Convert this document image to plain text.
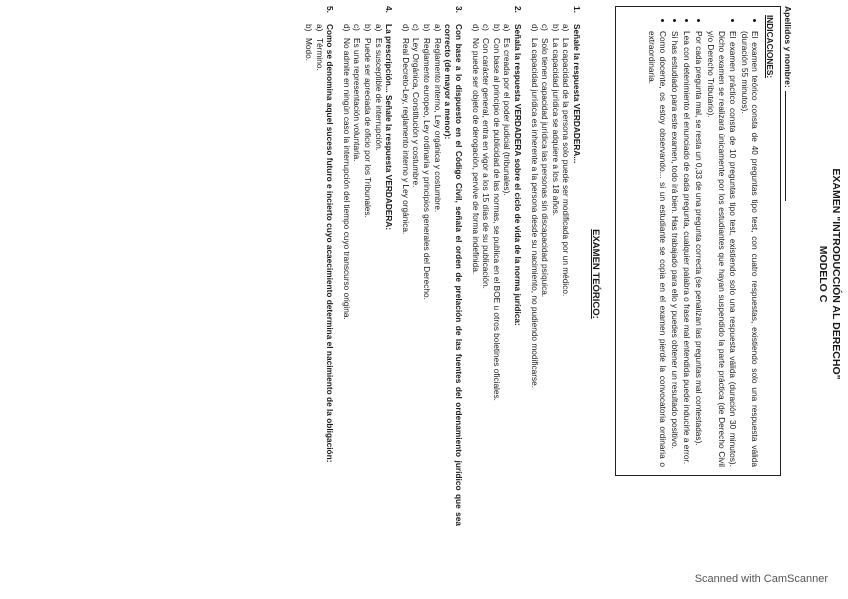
EXAMEN "INTRODUCCIÓN AL DERECHO"
MODELO C
Apellidos y nombre:
INDICACIONES:
• El examen teórico consta de 40 preguntas tipo test, con cuatro respuestas, existiendo solo una respuesta válida (duración 55 minutos).
• El examen práctico consta de 10 preguntas tipo test, existiendo solo una respuesta válida (duración 30 minutos). Dicho examen se realizará únicamente por los estudiantes que hayan suspendido la parte práctica (de Derecho Civil y/o Derecho Tributario).
• Por cada pregunta mal, se resta un 0,33 de una pregunta correcta (se penalizan las preguntas mal contestadas).
• Lea con detenimiento el enunciado de cada pregunta, cualquier palabra o frase mal entendida puede inducirle a error.
• Si has estudiado para este examen, todo irá bien. Has trabajado para ello y puedes obtener un resultado positivo.
• Como docente, os estoy observando... si un estudiante se copia en el examen pierde la convocatoria ordinaria o extraordinaria.
EXAMEN TEÓRICO:
1.
Señale la respuesta VERDADERA...
a)
La capacidad de la persona solo puede ser modificada por un médico.
b)
La capacidad jurídica se adquiere a los 18 años.
c)
Solo tienen capacidad jurídica las personas sin discapacidad psíquica.
d)
La capacidad jurídica es inherente a la persona desde su nacimiento, no pudiendo modificarse.
2.
Señala la respuesta VERDADERA sobre el ciclo de vida de la norma jurídica:
a)
Es creada por el poder judicial (tribunales).
b)
Con base al principio de publicidad de las normas, se publica en el BOE u otros boletines oficiales.
c)
Con carácter general, entra en vigor a los 15 días de su publicación.
d)
No puede ser objeto de derogación, pervive de forma indefinida.
3.
Con base a lo dispuesto en el Código Civil, señala el orden de prelación de las fuentes del ordenamiento jurídico que sea correcto (de mayor a menor):
a)
Reglamento interno, Ley orgánica y costumbre.
b)
Reglamento europeo, Ley ordinaria y principios generales del Derecho.
c)
Ley Orgánica, Constitución y costumbre.
d)
Real Decreto-Ley, reglamento interno y Ley orgánica.
4.
La prescripción... Señale la respuesta VERDADERA:
a)
Es susceptible de interrupción.
b)
Puede ser apreciada de oficio por los Tribunales.
c)
Es una representación voluntaria.
d)
No admite en ningún caso la interrupción del tiempo cuyo transcurso origina.
5.
Como se denomina aquel suceso futuro e incierto cuyo acaecimiento determina el nacimiento de la obligación:
a)
Término.
b)
Modo.
Scanned with CamScanner
